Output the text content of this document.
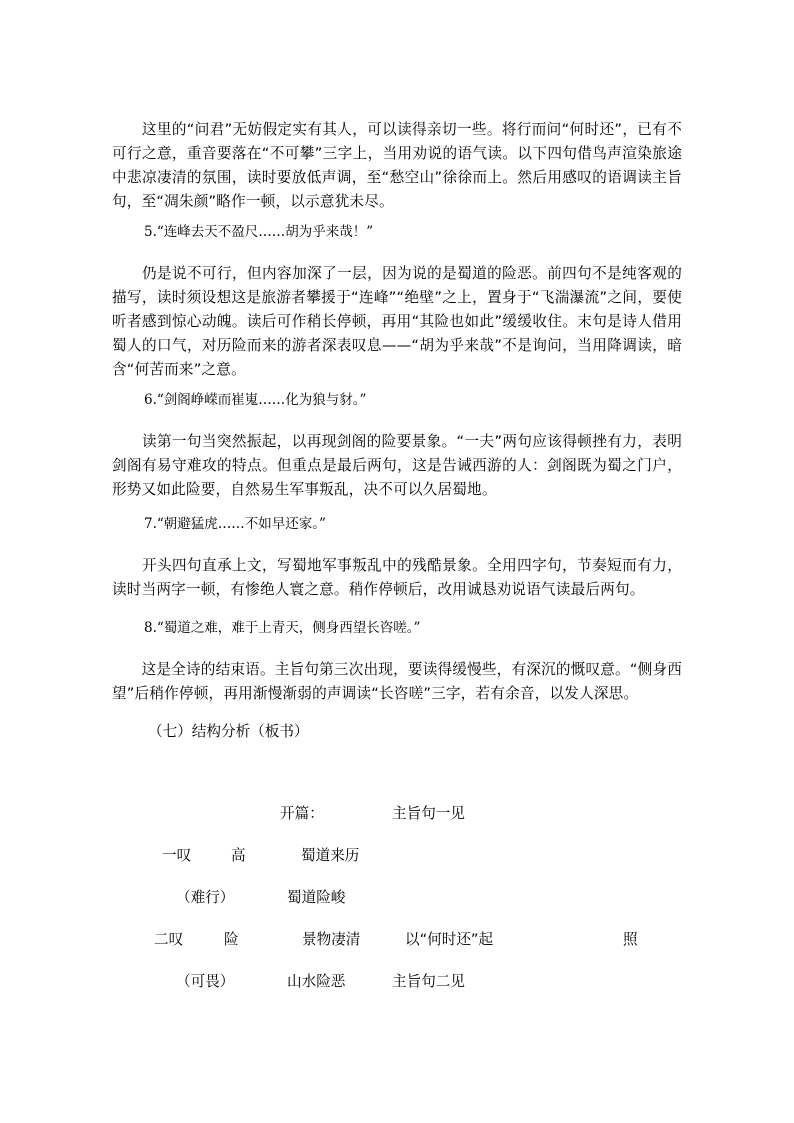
　　这里的“问君”无妨假定实有其人，可以读得亲切一些。将行而问“何时还”，已有不可行之意，重音要落在“不可攀”三字上，当用劝说的语气读。以下四句借鸟声渲染旅途中悲凉凄清的氛围，读时要放低声调，至“愁空山”徐徐而上。然后用感叹的语调读主旨句，至“凋朱颜”略作一顿，以示意犹未尽。

5.“连峰去天不盈尺……胡为乎来哉！”

　　仍是说不可行，但内容加深了一层，因为说的是蜀道的险恶。前四句不是纯客观的描写，读时须设想这是旅游者攀援于“连峰”“绝壁”之上，置身于“飞湍瀑流”之间，要使听者感到惊心动魄。读后可作稍长停顿，再用“其险也如此”缓缓收住。末句是诗人借用蜀人的口气，对历险而来的游者深表叹息——“胡为乎来哉”不是询问，当用降调读，暗含“何苦而来”之意。

6.“剑阁峥嵘而崔嵬……化为狼与豺。”

　　读第一句当突然振起，以再现剑阁的险要景象。“一夫”两句应该得顿挫有力，表明剑阁有易守难攻的特点。但重点是最后两句，这是告诫西游的人：剑阁既为蜀之门户，形势又如此险要，自然易生军事叛乱，决不可以久居蜀地。

7.“朝避猛虎……不如早还家。”

　　开头四句直承上文，写蜀地军事叛乱中的残酷景象。全用四字句，节奏短而有力，读时当两字一顿，有惨绝人寰之意。稍作停顿后，改用诚恳劝说语气读最后两句。

8.“蜀道之难，难于上青天，侧身西望长咨嗟。”

　　这是全诗的结束语。主旨句第三次出现，要读得缓慢些，有深沉的慨叹意。“侧身西望”后稍作停顿，再用渐慢渐弱的声调读“长咨嗟”三字，若有余音，以发人深思。

（七）结构分析（板书）
开篇：	主旨句一见
一叹	高	蜀道来历
（难行）	蜀道险峻
二叹	险	景物凄清	以“何时还”起	照
（可畏）	山水险恶	主旨句二见
